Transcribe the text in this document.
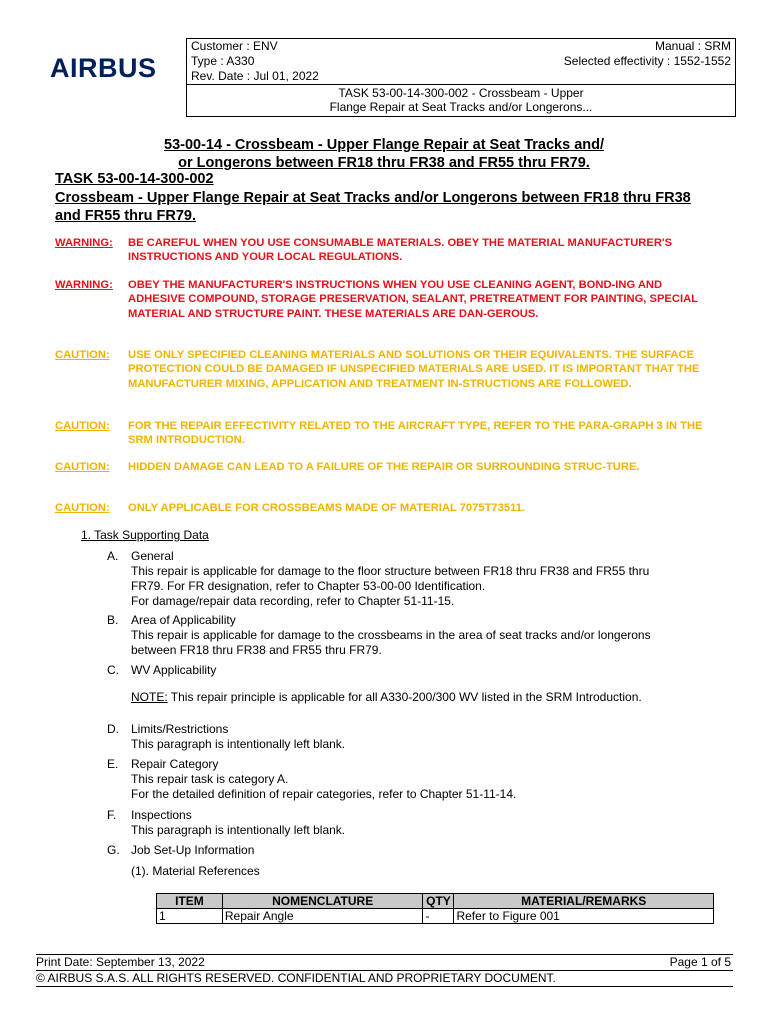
AIRBUS
Customer : ENV	Manual : SRM
Type : A330	Selected effectivity : 1552-1552
Rev. Date : Jul 01, 2022
TASK 53-00-14-300-002 - Crossbeam - Upper
Flange Repair at Seat Tracks and/or Longerons...
53-00-14 - Crossbeam - Upper Flange Repair at Seat Tracks and/
or Longerons between FR18 thru FR38 and FR55 thru FR79.
TASK 53-00-14-300-002
Crossbeam - Upper Flange Repair at Seat Tracks and/or Longerons between FR18 thru FR38 and FR55 thru FR79.
WARNING:	BE CAREFUL WHEN YOU USE CONSUMABLE MATERIALS. OBEY THE MATERIAL MANUFACTURER'S INSTRUCTIONS AND YOUR LOCAL REGULATIONS.
WARNING:	OBEY THE MANUFACTURER'S INSTRUCTIONS WHEN YOU USE CLEANING AGENT, BOND-ING AND ADHESIVE COMPOUND, STORAGE PRESERVATION, SEALANT, PRETREATMENT FOR PAINTING, SPECIAL MATERIAL AND STRUCTURE PAINT. THESE MATERIALS ARE DAN-GEROUS.
CAUTION:	USE ONLY SPECIFIED CLEANING MATERIALS AND SOLUTIONS OR THEIR EQUIVALENTS. THE SURFACE PROTECTION COULD BE DAMAGED IF UNSPECIFIED MATERIALS ARE USED. IT IS IMPORTANT THAT THE MANUFACTURER MIXING, APPLICATION AND TREATMENT IN-STRUCTIONS ARE FOLLOWED.
CAUTION:	FOR THE REPAIR EFFECTIVITY RELATED TO THE AIRCRAFT TYPE, REFER TO THE PARA-GRAPH 3 IN THE SRM INTRODUCTION.
CAUTION:	HIDDEN DAMAGE CAN LEAD TO A FAILURE OF THE REPAIR OR SURROUNDING STRUC-TURE.
CAUTION:	ONLY APPLICABLE FOR CROSSBEAMS MADE OF MATERIAL 7075T73511.
1. Task Supporting Data
A. General
This repair is applicable for damage to the floor structure between FR18 thru FR38 and FR55 thru
FR79. For FR designation, refer to Chapter 53-00-00 Identification.
For damage/repair data recording, refer to Chapter 51-11-15.
B. Area of Applicability
This repair is applicable for damage to the crossbeams in the area of seat tracks and/or longerons
between FR18 thru FR38 and FR55 thru FR79.
C. WV Applicability
NOTE: This repair principle is applicable for all A330-200/300 WV listed in the SRM Introduction.
D. Limits/Restrictions
This paragraph is intentionally left blank.
E. Repair Category
This repair task is category A.
For the detailed definition of repair categories, refer to Chapter 51-11-14.
F. Inspections
This paragraph is intentionally left blank.
G. Job Set-Up Information
(1). Material References
ITEM	NOMENCLATURE	QTY	MATERIAL/REMARKS
1	Repair Angle	-	Refer to Figure 001
Print Date: September 13, 2022	Page 1 of 5
© AIRBUS S.A.S. ALL RIGHTS RESERVED. CONFIDENTIAL AND PROPRIETARY DOCUMENT.
